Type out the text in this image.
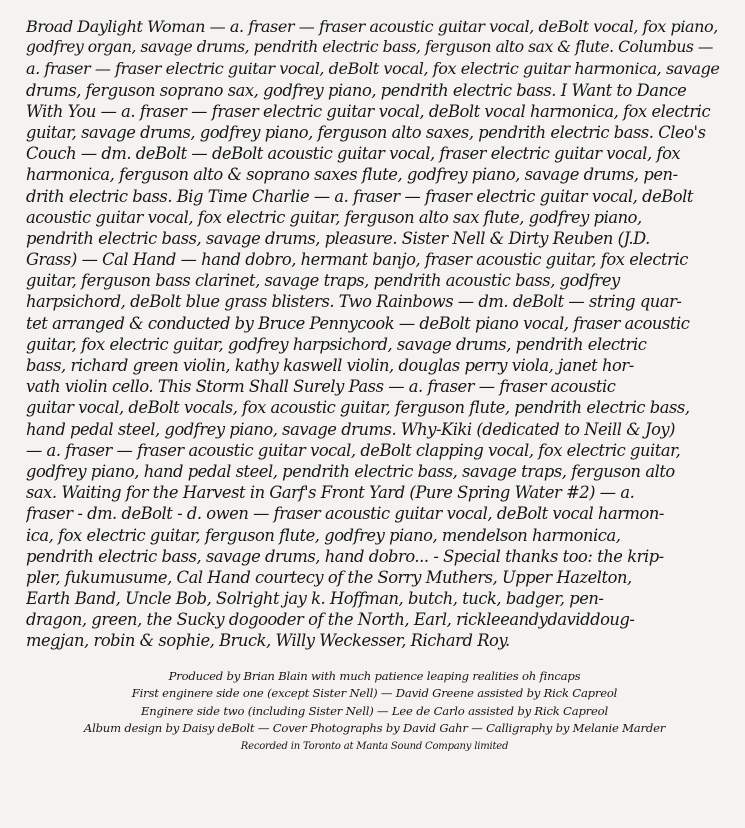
Broad Daylight Woman — a. fraser — fraser acoustic guitar vocal, deBolt vocal, fox piano,
godfrey organ, savage drums, pendrith electric bass, ferguson alto sax & flute. Columbus —
a. fraser — fraser electric guitar vocal, deBolt vocal, fox electric guitar harmonica, savage
drums, ferguson soprano sax, godfrey piano, pendrith electric bass. I Want to Dance
With You — a. fraser — fraser electric guitar vocal, deBolt vocal harmonica, fox electric
guitar, savage drums, godfrey piano, ferguson alto saxes, pendrith electric bass. Cleo's
Couch — dm. deBolt — deBolt acoustic guitar vocal, fraser electric guitar vocal, fox
harmonica, ferguson alto & soprano saxes flute, godfrey piano, savage drums, pen-
drith electric bass. Big Time Charlie — a. fraser — fraser electric guitar vocal, deBolt
acoustic guitar vocal, fox electric guitar, ferguson alto sax flute, godfrey piano,
pendrith electric bass, savage drums, pleasure. Sister Nell & Dirty Reuben (J.D.
Grass) — Cal Hand — hand dobro, hermant banjo, fraser acoustic guitar, fox electric
guitar, ferguson bass clarinet, savage traps, pendrith acoustic bass, godfrey
harpsichord, deBolt blue grass blisters. Two Rainbows — dm. deBolt — string quar-
tet arranged & conducted by Bruce Pennycook — deBolt piano vocal, fraser acoustic
guitar, fox electric guitar, godfrey harpsichord, savage drums, pendrith electric
bass, richard green violin, kathy kaswell violin, douglas perry viola, janet hor-
vath violin cello. This Storm Shall Surely Pass — a. fraser — fraser acoustic
guitar vocal, deBolt vocals, fox acoustic guitar, ferguson flute, pendrith electric bass,
hand pedal steel, godfrey piano, savage drums. Why-Kiki (dedicated to Neill & Joy)
— a. fraser — fraser acoustic guitar vocal, deBolt clapping vocal, fox electric guitar,
godfrey piano, hand pedal steel, pendrith electric bass, savage traps, ferguson alto
sax. Waiting for the Harvest in Garf's Front Yard (Pure Spring Water #2) — a.
fraser - dm. deBolt - d. owen — fraser acoustic guitar vocal, deBolt vocal harmon-
ica, fox electric guitar, ferguson flute, godfrey piano, mendelson harmonica,
pendrith electric bass, savage drums, hand dobro... - Special thanks too: the krip-
pler, fukumusume, Cal Hand courtecy of the Sorry Muthers, Upper Hazelton,
Earth Band, Uncle Bob, Solright jay k. Hoffman, butch, tuck, badger, pen-
dragon, green, the Sucky dogooder of the North, Earl, rickleeandydaviddoug-
megjan, robin & sophie, Bruck, Willy Weckesser, Richard Roy.
Produced by Brian Blain with much patience leaping realities oh fincaps
First enginere side one (except Sister Nell) — David Greene assisted by Rick Capreol
Enginere side two (including Sister Nell) — Lee de Carlo assisted by Rick Capreol
Album design by Daisy deBolt — Cover Photographs by David Gahr — Calligraphy by Melanie Marder
Recorded in Toronto at Manta Sound Company limited
